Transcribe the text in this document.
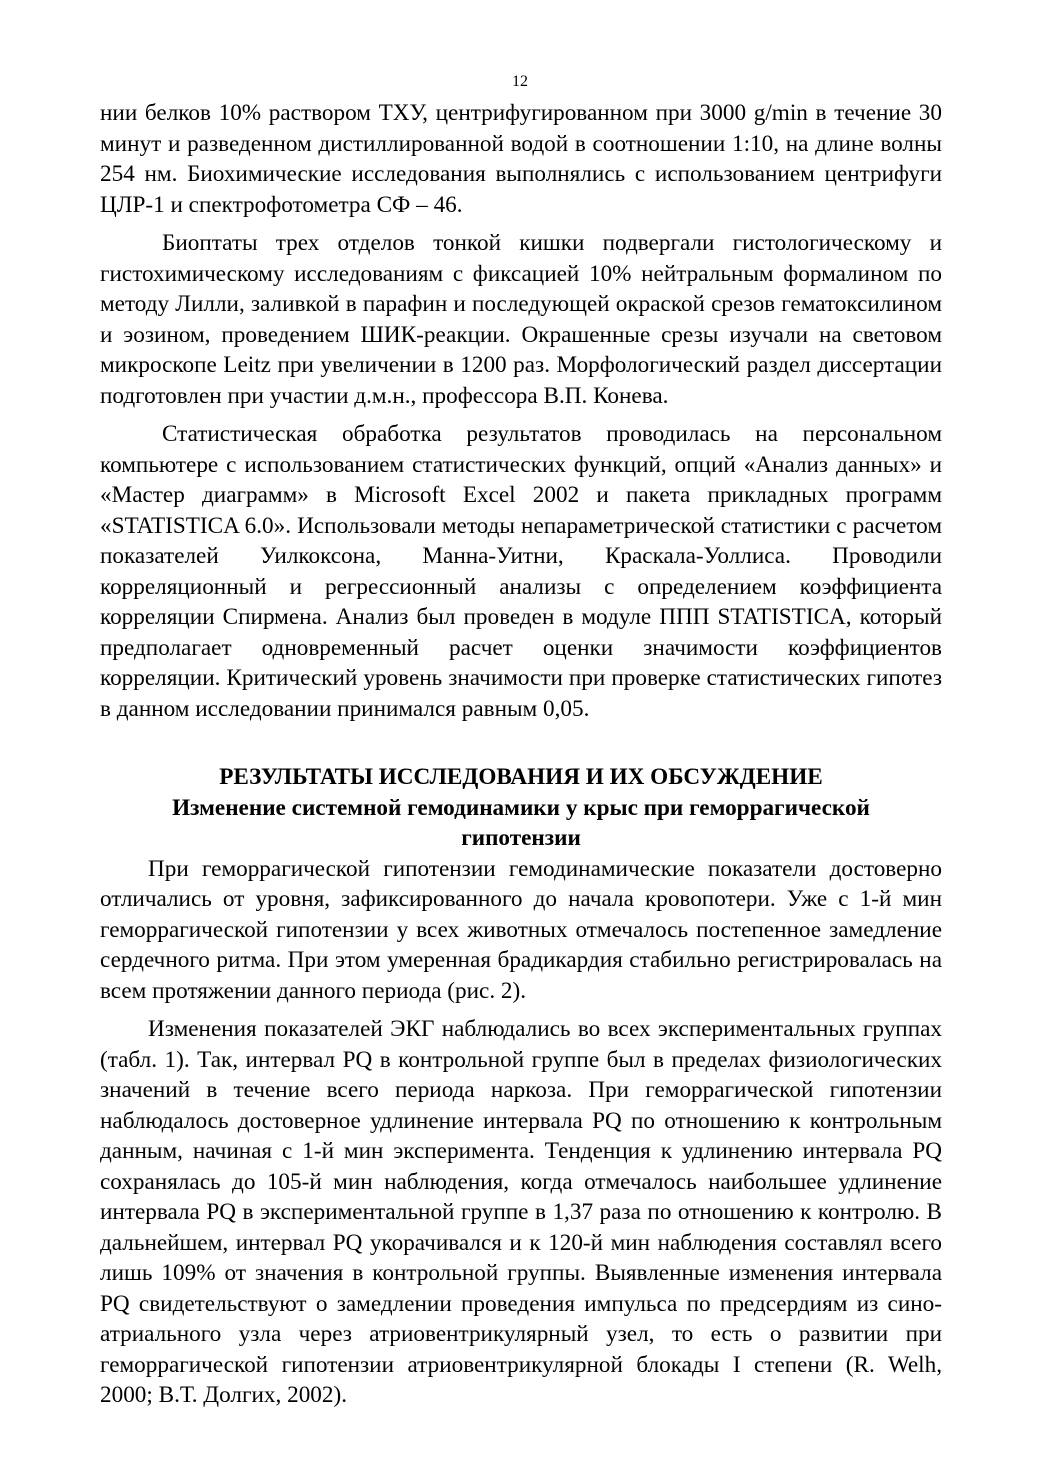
12

нии белков 10% раствором ТХУ, центрифугированном при 3000 g/min в течение 30 минут и разведенном дистиллированной водой в соотношении 1:10, на длине волны 254 нм. Биохимические исследования выполнялись с использованием центрифуги ЦЛР-1 и спектрофотометра СФ – 46.

Биоптаты трех отделов тонкой кишки подвергали гистологическому и гистохимическому исследованиям с фиксацией 10% нейтральным формалином по методу Лилли, заливкой в парафин и последующей окраской срезов гематоксилином и эозином, проведением ШИК-реакции. Окрашенные срезы изучали на световом микроскопе Leitz при увеличении в 1200 раз. Морфологический раздел диссертации подготовлен при участии д.м.н., профессора В.П. Конева.

Статистическая обработка результатов проводилась на персональном компьютере с использованием статистических функций, опций «Анализ данных» и «Мастер диаграмм» в Microsoft Excel 2002 и пакета прикладных программ «STATISTICA 6.0». Использовали методы непараметрической статистики с расчетом показателей Уилкоксона, Манна-Уитни, Краскала-Уоллиса. Проводили корреляционный и регрессионный анализы с определением коэффициента корреляции Спирмена. Анализ был проведен в модуле ППП STATISTICA, который предполагает одновременный расчет оценки значимости коэффициентов корреляции. Критический уровень значимости при проверке статистических гипотез в данном исследовании принимался равным 0,05.

РЕЗУЛЬТАТЫ ИССЛЕДОВАНИЯ И ИХ ОБСУЖДЕНИЕ
Изменение системной гемодинамики у крыс при геморрагической гипотензии

При геморрагической гипотензии гемодинамические показатели достоверно отличались от уровня, зафиксированного до начала кровопотери. Уже с 1-й мин геморрагической гипотензии у всех животных отмечалось постепенное замедление сердечного ритма. При этом умеренная брадикардия стабильно регистрировалась на всем протяжении данного периода (рис. 2).

Изменения показателей ЭКГ наблюдались во всех экспериментальных группах (табл. 1). Так, интервал PQ в контрольной группе был в пределах физиологических значений в течение всего периода наркоза. При геморрагической гипотензии наблюдалось достоверное удлинение интервала PQ по отношению к контрольным данным, начиная с 1-й мин эксперимента. Тенденция к удлинению интервала PQ сохранялась до 105-й мин наблюдения, когда отмечалось наибольшее удлинение интервала PQ в экспериментальной группе в 1,37 раза по отношению к контролю. В дальнейшем, интервал PQ укорачивался и к 120-й мин наблюдения составлял всего лишь 109% от значения в контрольной группы. Выявленные изменения интервала PQ свидетельствуют о замедлении проведения импульса по предсердиям из сино-атриального узла через атриовентрикулярный узел, то есть о развитии при геморрагической гипотензии атриовентрикулярной блокады I степени (R. Welh, 2000; В.Т. Долгих, 2002).
